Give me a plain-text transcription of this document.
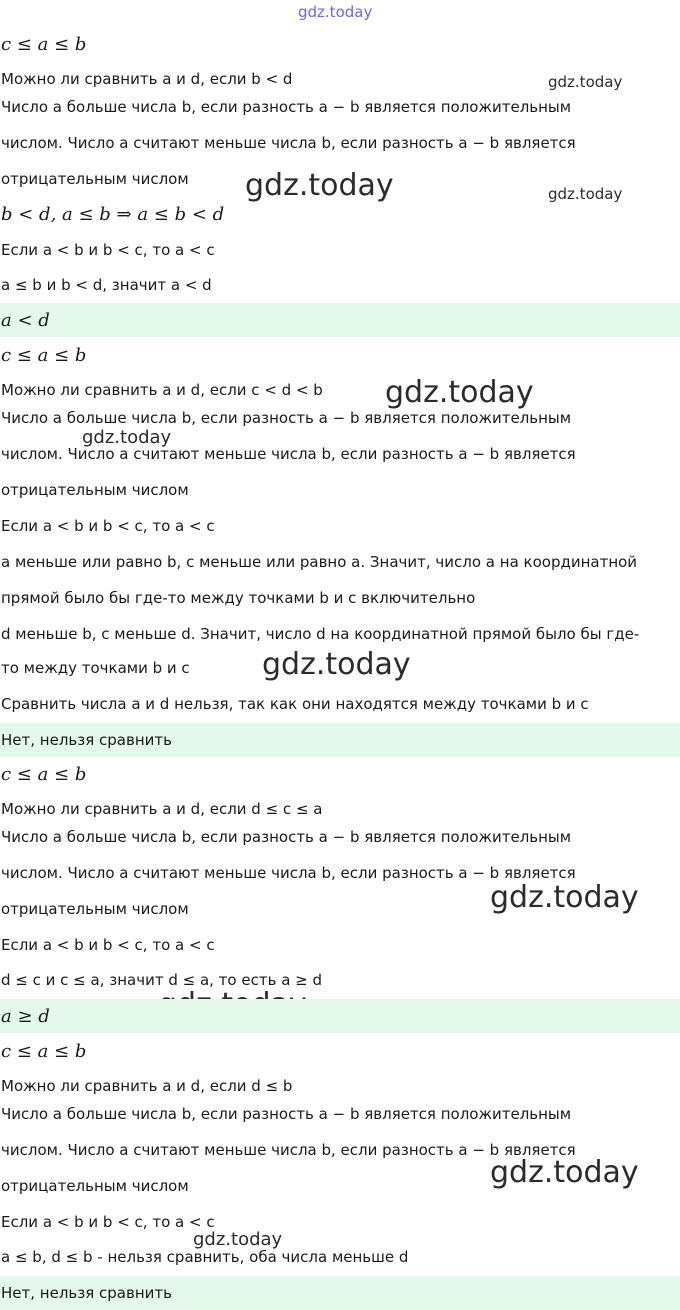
gdz.today
gdz.today
gdz.today
gdz.today
gdz.today
gdz.today
gdz.today
gdz.today
gdz.today
gdz.today
c ≤ a ≤ b
Можно ли сравнить a и d, если b < d
Число a больше числа b, если разность a − b является положительным
числом. Число a считают меньше числа b, если разность a − b является
отрицательным числом
b < d, a ≤ b ⇒ a ≤ b < d
Если a < b и b < c, то a < c
a ≤ b и b < d, значит a < d
a < d
c ≤ a ≤ b
Можно ли сравнить a и d, если c < d < b
Число a больше числа b, если разность a − b является положительным
числом. Число a считают меньше числа b, если разность a − b является
отрицательным числом
Если a < b и b < c, то a < c
a меньше или равно b, c меньше или равно a. Значит, число a на координатной
прямой было бы где-то между точками b и c включительно
d меньше b, c меньше d. Значит, число d на координатной прямой было бы где-
то между точками b и c
Сравнить числа a и d нельзя, так как они находятся между точками b и c
Нет, нельзя сравнить
c ≤ a ≤ b
Можно ли сравнить a и d, если d ≤ c ≤ a
Число a больше числа b, если разность a − b является положительным
числом. Число a считают меньше числа b, если разность a − b является
отрицательным числом
Если a < b и b < c, то a < c
d ≤ c и c ≤ a, значит d ≤ a, то есть a ≥ d
a ≥ d
c ≤ a ≤ b
Можно ли сравнить a и d, если d ≤ b
Число a больше числа b, если разность a − b является положительным
числом. Число a считают меньше числа b, если разность a − b является
отрицательным числом
Если a < b и b < c, то a < c
a ≤ b, d ≤ b - нельзя сравнить, оба числа меньше d
Нет, нельзя сравнить
